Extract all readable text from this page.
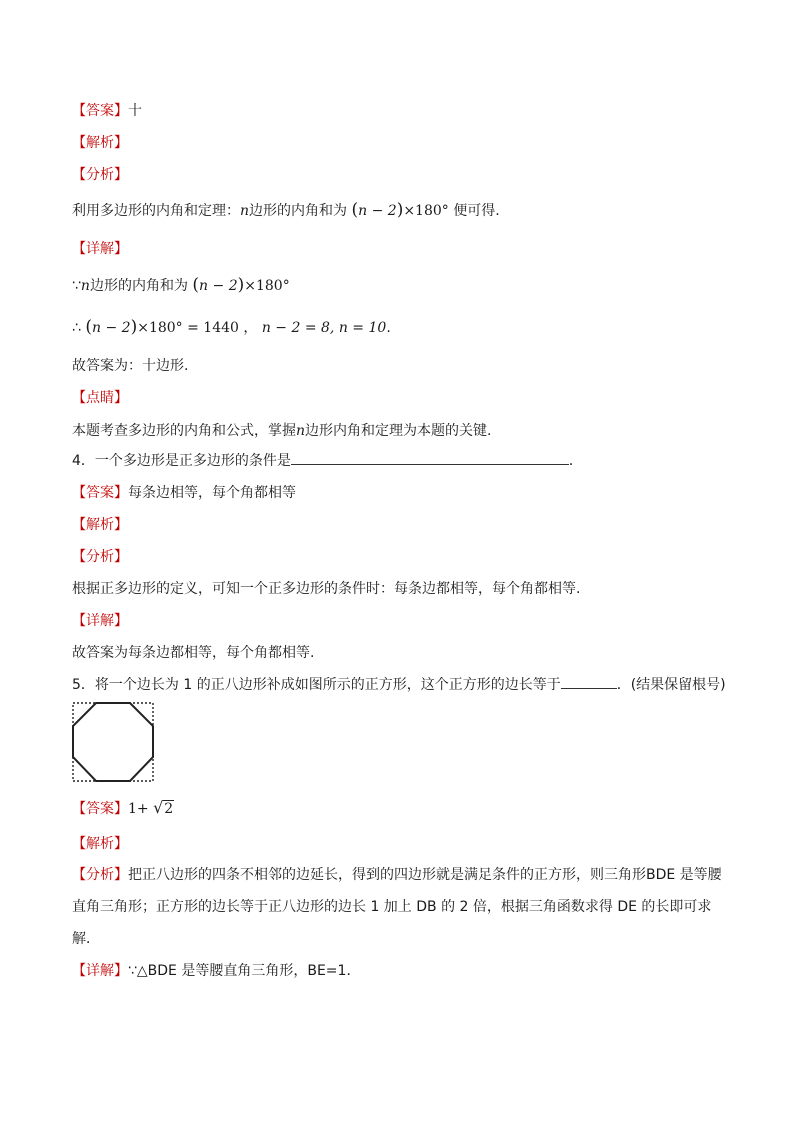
【答案】十
【解析】
【分析】
利用多边形的内角和定理：n边形的内角和为 (n − 2)×180° 便可得.
【详解】
∵n边形的内角和为 (n − 2)×180°
∴ (n − 2)×180° = 1440 ， n − 2 = 8, n = 10.
故答案为：十边形.
【点睛】
本题考查多边形的内角和公式，掌握n边形内角和定理为本题的关键.
4．一个多边形是正多边形的条件是	．
【答案】每条边相等，每个角都相等
【解析】
【分析】
根据正多边形的定义，可知一个正多边形的条件时：每条边都相等，每个角都相等.
【详解】
故答案为每条边都相等，每个角都相等.
5．将一个边长为 1 的正八边形补成如图所示的正方形，这个正方形的边长等于	．(结果保留根号)
【答案】1+ √2
【解析】
【分析】把正八边形的四条不相邻的边延长，得到的四边形就是满足条件的正方形，则三角形BDE 是等腰
直角三角形；正方形的边长等于正八边形的边长 1 加上 DB 的 2 倍，根据三角函数求得 DE 的长即可求
解．
【详解】∵△BDE 是等腰直角三角形，BE=1．
